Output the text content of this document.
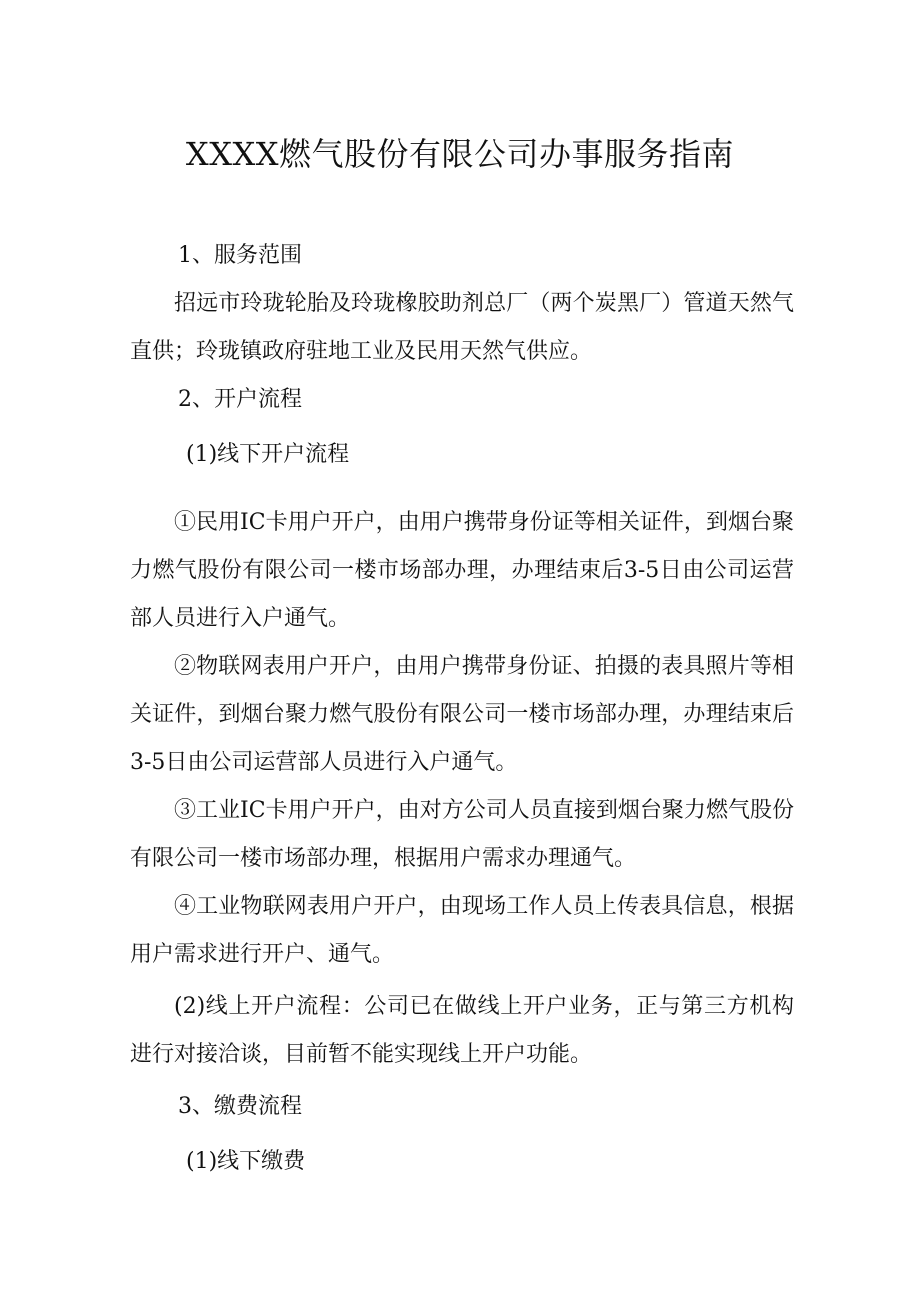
XXXX燃气股份有限公司办事服务指南
1、服务范围
招远市玲珑轮胎及玲珑橡胶助剂总厂（两个炭黑厂）管道天然气直供；玲珑镇政府驻地工业及民用天然气供应。
2、开户流程
(1)线下开户流程
①民用IC卡用户开户，由用户携带身份证等相关证件，到烟台聚力燃气股份有限公司一楼市场部办理，办理结束后3-5日由公司运营部人员进行入户通气。
②物联网表用户开户，由用户携带身份证、拍摄的表具照片等相关证件，到烟台聚力燃气股份有限公司一楼市场部办理，办理结束后3-5日由公司运营部人员进行入户通气。
③工业IC卡用户开户，由对方公司人员直接到烟台聚力燃气股份有限公司一楼市场部办理，根据用户需求办理通气。
④工业物联网表用户开户，由现场工作人员上传表具信息，根据用户需求进行开户、通气。
(2)线上开户流程：公司已在做线上开户业务，正与第三方机构进行对接洽谈，目前暂不能实现线上开户功能。
3、缴费流程
(1)线下缴费
